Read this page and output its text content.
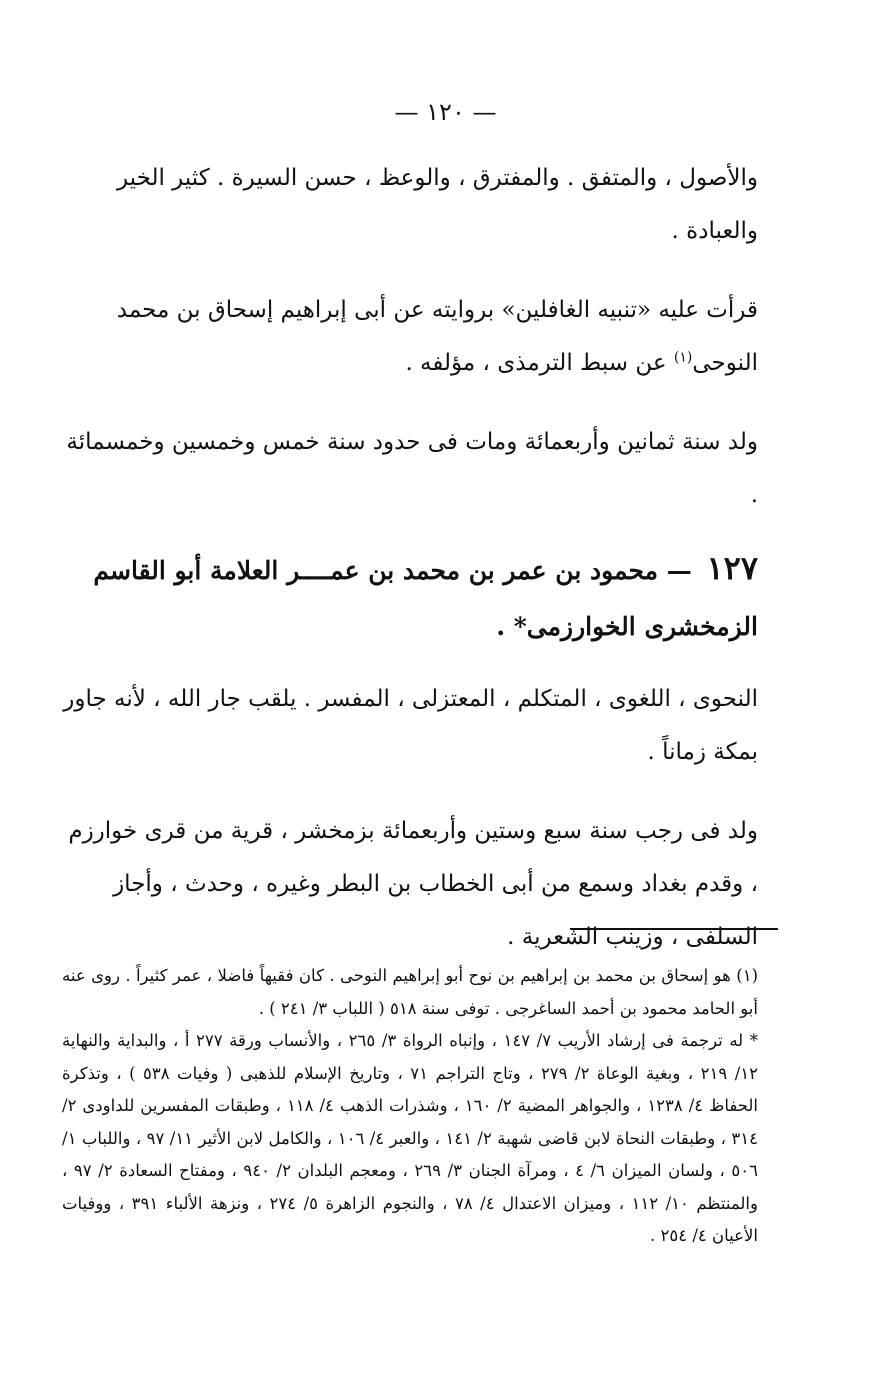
— ١٢٠ —

والأصول ، والمتفق . والمفترق ، والوعظ ، حسن السيرة . كثير الخير والعبادة .

قرأت عليه «تنبيه الغافلين» بروايته عن أبى إبراهيم إسحاق بن محمد النوحى$^{(١)}$ عن سبط الترمذى ، مؤلفه .

ولد سنة ثمانين وأربعمائة ومات فى حدود سنة خمس وخمسين وخمسمائة .

١٢٧ — محمود بن عمر بن محمد بن عمــــر العلامة أبو القاسم الزمخشرى الخوارزمى* .

النحوى ، اللغوى ، المتكلم ، المعتزلى ، المفسر . يلقب جار الله ، لأنه جاور بمكة زماناً .

ولد فى رجب سنة سبع وستين وأربعمائة بزمخشر ، قرية من قرى خوارزم ، وقدم بغداد وسمع من أبى الخطاب بن البطر وغيره ، وحدث ، وأجاز السلفى ، وزينب الشعرية .

(١) هو إسحاق بن محمد بن إبراهيم بن نوح أبو إبراهيم النوحى . كان فقيهاً فاضلا ، عمر كثيراً . روى عنه أبو الحامد محمود بن أحمد الساغرجى . توفى سنة ٥١٨ ( اللباب ٣/ ٢٤١ ) .

* له ترجمة فى إرشاد الأريب ٧/ ١٤٧ ، وإنباه الرواة ٣/ ٢٦٥ ، والأنساب ورقة ٢٧٧ أ ، والبداية والنهاية ١٢/ ٢١٩ ، وبغية الوعاة ٢/ ٢٧٩ ، وتاج التراجم ٧١ ، وتاريخ الإسلام للذهبى ( وفيات ٥٣٨ ) ، وتذكرة الحفاظ ٤/ ١٢٣٨ ، والجواهر المضية ٢/ ١٦٠ ، وشذرات الذهب ٤/ ١١٨ ، وطبقات المفسرين للداودى ٢/ ٣١٤ ، وطبقات النحاة لابن قاضى شهبة ٢/ ١٤١ ، والعبر ٤/ ١٠٦ ، والكامل لابن الأثير ١١/ ٩٧ ، واللباب ١/ ٥٠٦ ، ولسان الميزان ٦/ ٤ ، ومرآة الجنان ٣/ ٢٦٩ ، ومعجم البلدان ٢/ ٩٤٠ ، ومفتاح السعادة ٢/ ٩٧ ، والمنتظم ١٠/ ١١٢ ، وميزان الاعتدال ٤/ ٧٨ ، والنجوم الزاهرة ٥/ ٢٧٤ ، ونزهة الألباء ٣٩١ ، ووفيات الأعيان ٤/ ٢٥٤ .
